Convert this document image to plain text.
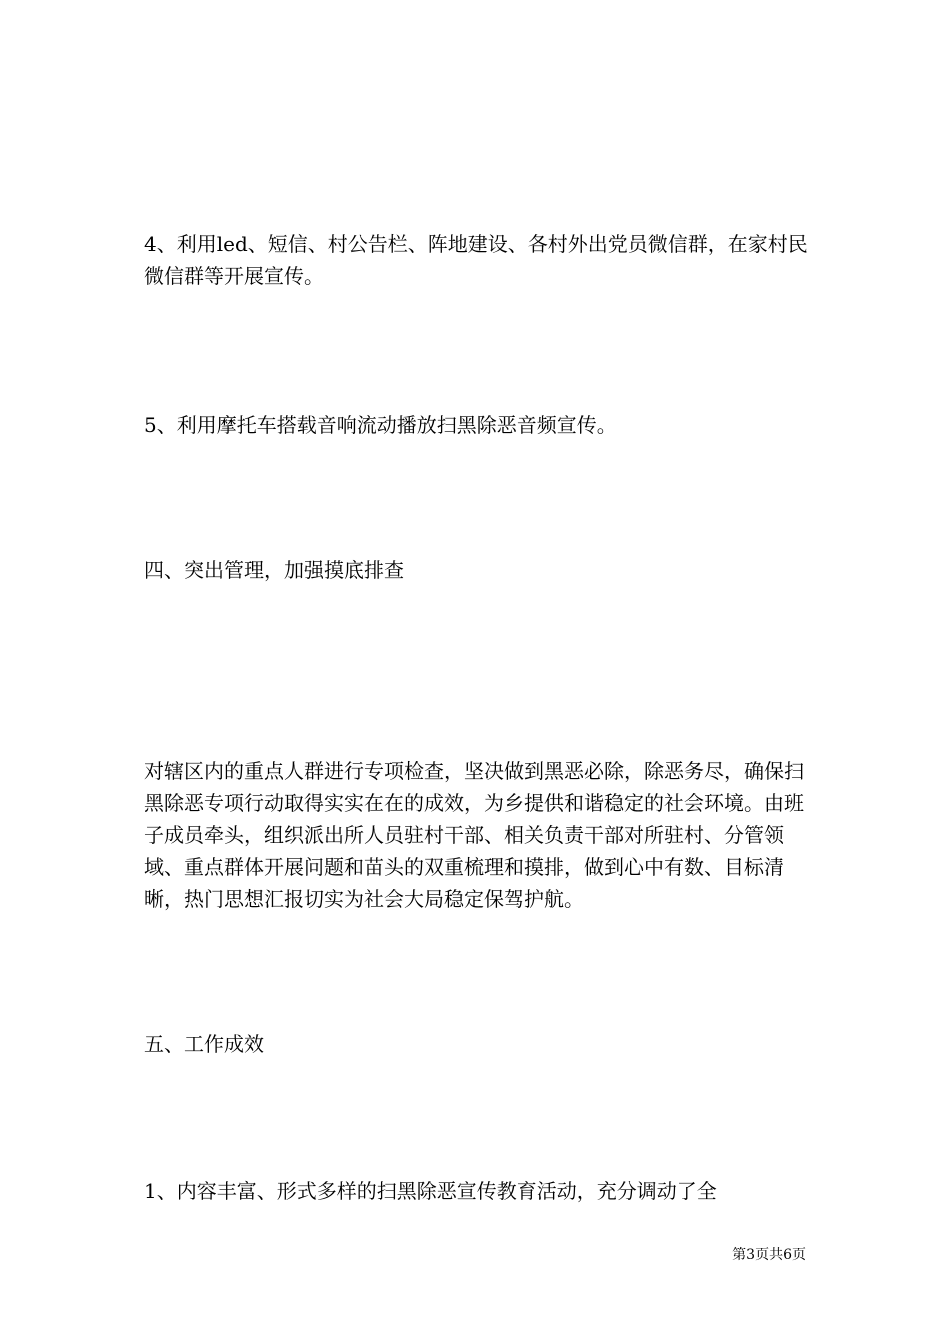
4、利用led、短信、村公告栏、阵地建设、各村外出党员微信群，在家村民微信群等开展宣传。

5、利用摩托车搭载音响流动播放扫黑除恶音频宣传。

四、突出管理，加强摸底排查

对辖区内的重点人群进行专项检查，坚决做到黑恶必除，除恶务尽，确保扫黑除恶专项行动取得实实在在的成效，为乡提供和谐稳定的社会环境。由班子成员牵头，组织派出所人员驻村干部、相关负责干部对所驻村、分管领域、重点群体开展问题和苗头的双重梳理和摸排，做到心中有数、目标清晰，热门思想汇报切实为社会大局稳定保驾护航。

五、工作成效

1、内容丰富、形式多样的扫黑除恶宣传教育活动，充分调动了全

第3页共6页
